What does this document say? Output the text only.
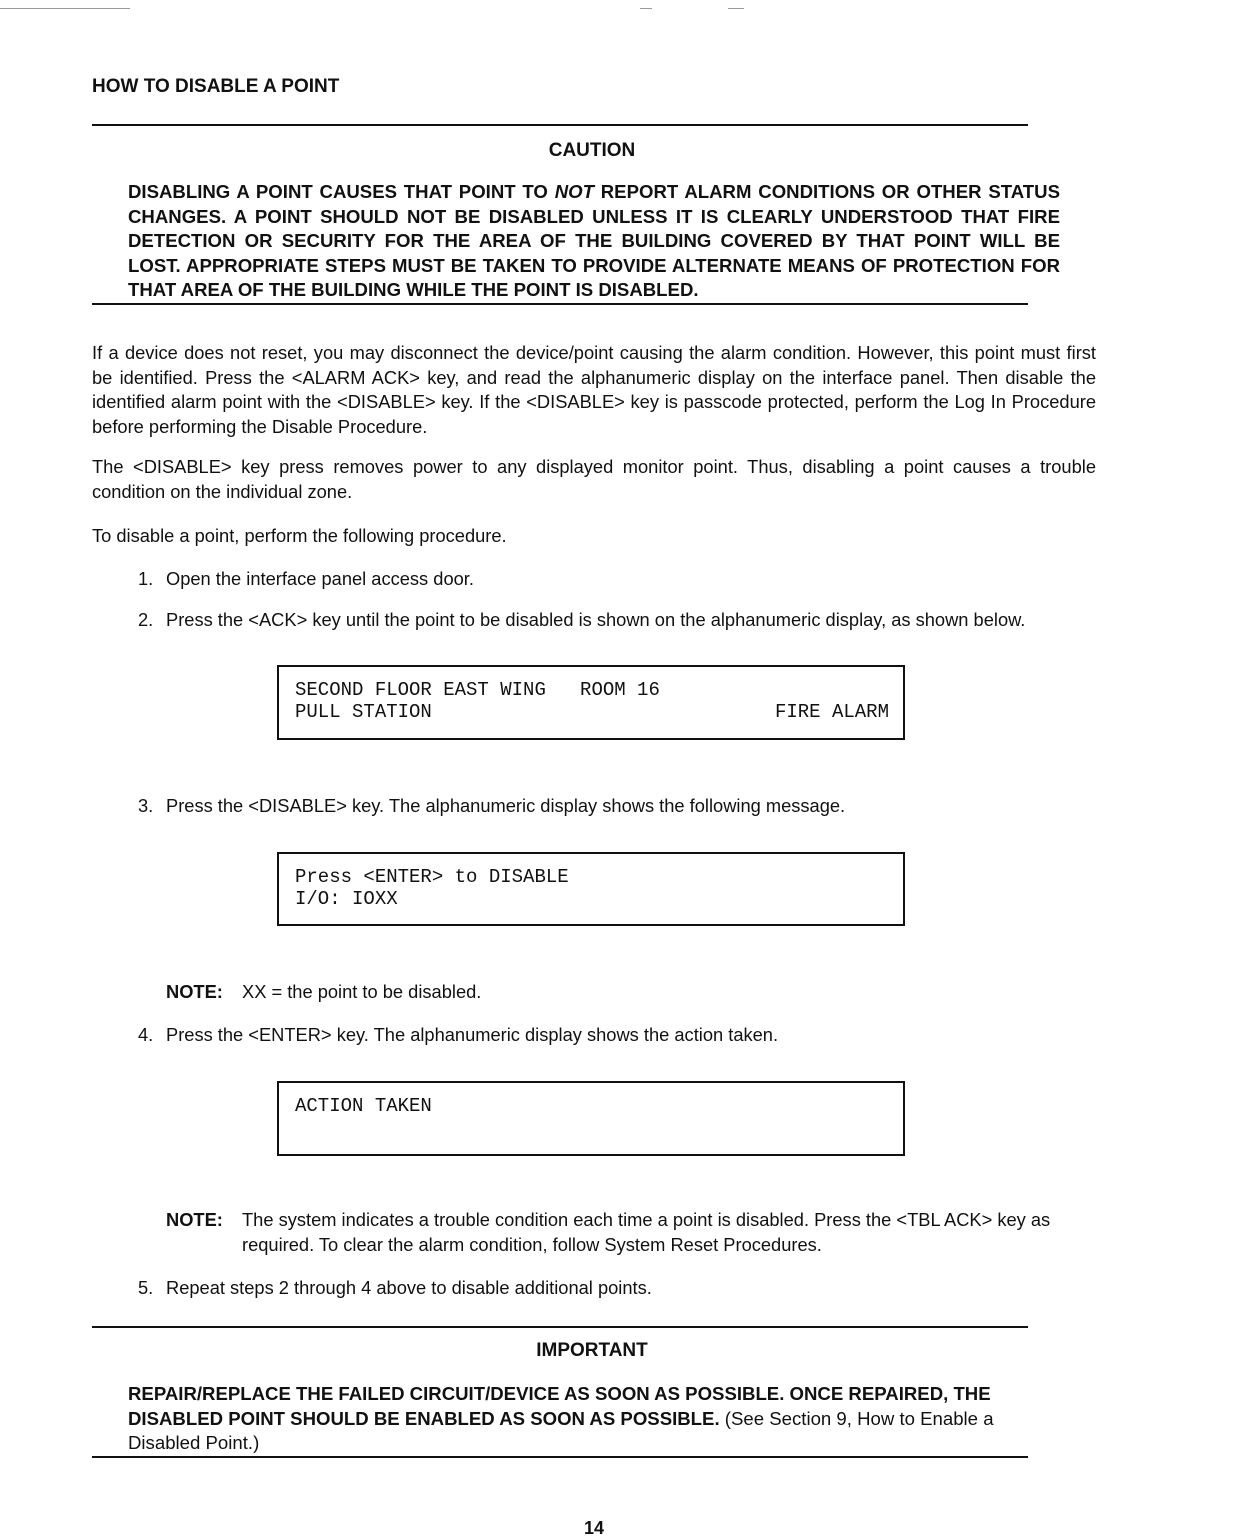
HOW TO DISABLE A POINT
CAUTION
DISABLING A POINT CAUSES THAT POINT TO NOT REPORT ALARM CONDITIONS OR OTHER STATUS CHANGES. A POINT SHOULD NOT BE DISABLED UNLESS IT IS CLEARLY UNDERSTOOD THAT FIRE DETECTION OR SECURITY FOR THE AREA OF THE BUILDING COVERED BY THAT POINT WILL BE LOST. APPROPRIATE STEPS MUST BE TAKEN TO PROVIDE ALTERNATE MEANS OF PROTECTION FOR THAT AREA OF THE BUILDING WHILE THE POINT IS DISABLED.
If a device does not reset, you may disconnect the device/point causing the alarm condition. However, this point must first be identified. Press the <ALARM ACK> key, and read the alphanumeric display on the interface panel. Then disable the identified alarm point with the <DISABLE> key. If the <DISABLE> key is passcode protected, perform the Log In Procedure before performing the Disable Procedure.
The <DISABLE> key press removes power to any displayed monitor point. Thus, disabling a point causes a trouble condition on the individual zone.
To disable a point, perform the following procedure.
1. Open the interface panel access door.
2. Press the <ACK> key until the point to be disabled is shown on the alphanumeric display, as shown below.
SECOND FLOOR EAST WING   ROOM 16
PULL STATION	FIRE ALARM
3. Press the <DISABLE> key. The alphanumeric display shows the following message.
Press <ENTER> to DISABLE
I/O: IOXX
NOTE: XX = the point to be disabled.
4. Press the <ENTER> key. The alphanumeric display shows the action taken.
ACTION TAKEN
NOTE:	The system indicates a trouble condition each time a point is disabled. Press the <TBL ACK> key as required. To clear the alarm condition, follow System Reset Procedures.
5. Repeat steps 2 through 4 above to disable additional points.
IMPORTANT
REPAIR/REPLACE THE FAILED CIRCUIT/DEVICE AS SOON AS POSSIBLE. ONCE REPAIRED, THE DISABLED POINT SHOULD BE ENABLED AS SOON AS POSSIBLE. (See Section 9, How to Enable a Disabled Point.)
14
